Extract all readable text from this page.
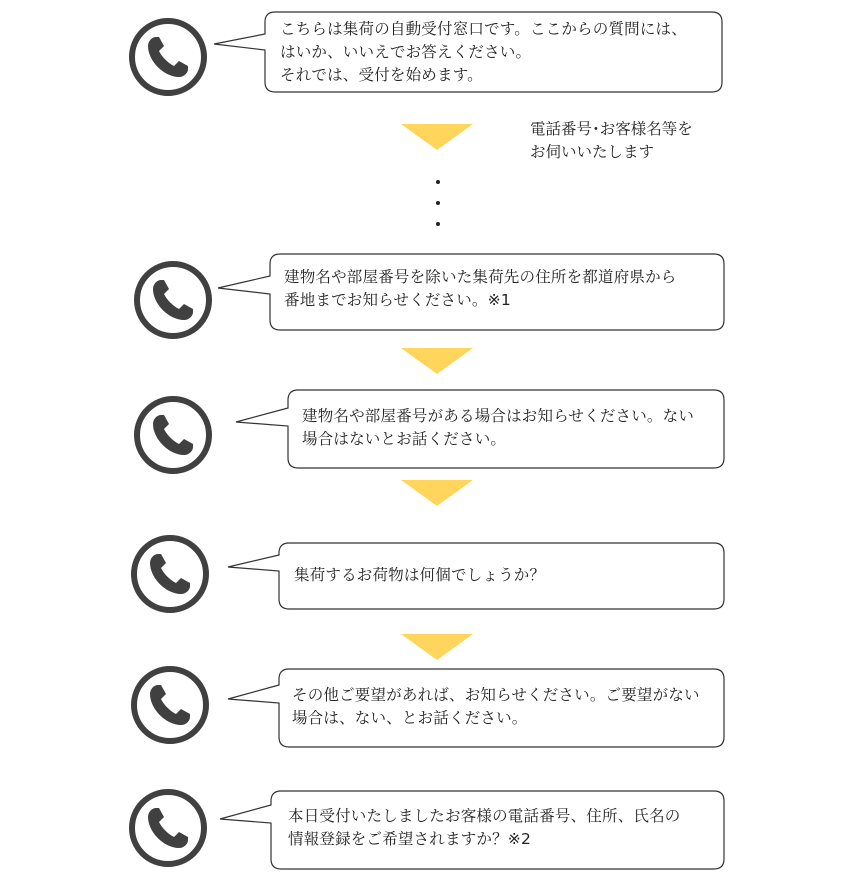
こちらは集荷の自動受付窓口です。ここからの質問には、
はいか、いいえでお答えください。
それでは、受付を始めます。
電話番号･お客様名等を
お伺いいたします
建物名や部屋番号を除いた集荷先の住所を都道府県から
番地までお知らせください。※1
建物名や部屋番号がある場合はお知らせください。ない
場合はないとお話ください。
集荷するお荷物は何個でしょうか？
その他ご要望があれば、お知らせください。ご要望がない
場合は、ない、とお話ください。
本日受付いたしましたお客様の電話番号、住所、氏名の
情報登録をご希望されますか？※2
